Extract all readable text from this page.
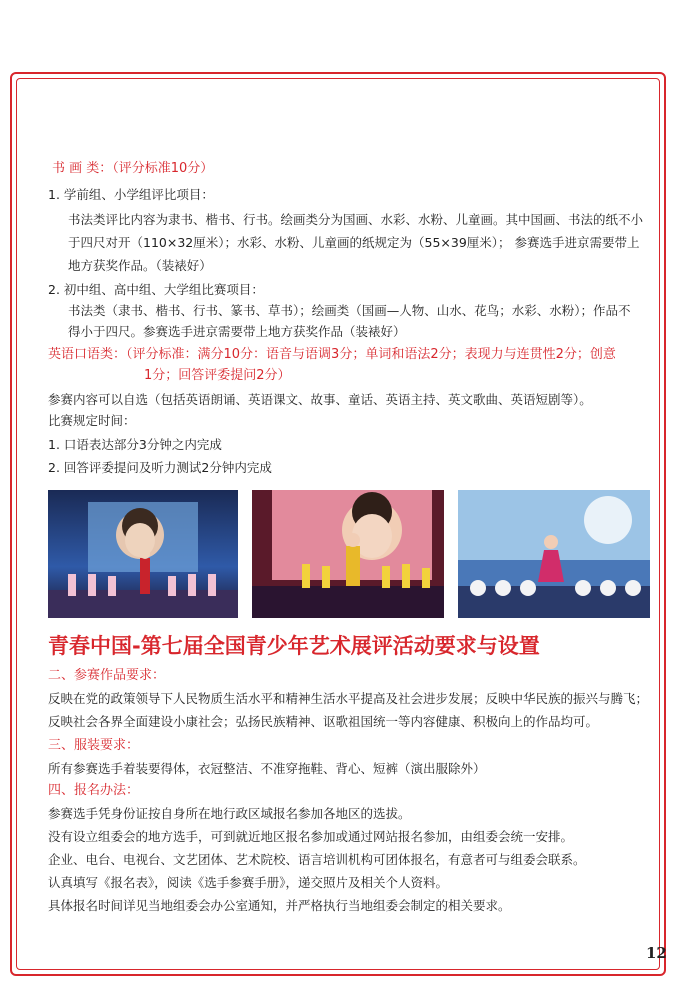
书 画 类：（评分标准10分）
1. 学前组、小学组评比项目：
书法类评比内容为隶书、楷书、行书。绘画类分为国画、水彩、水粉、儿童画。其中国画、书法的纸不小
于四尺对开（110×32厘米）；水彩、水粉、儿童画的纸规定为（55×39厘米）； 参赛选手进京需要带上
地方获奖作品。（装裱好）
2. 初中组、高中组、大学组比赛项目：
书法类（隶书、楷书、行书、篆书、草书）；绘画类（国画—人物、山水、花鸟；水彩、水粉）；作品不
得小于四尺。参赛选手进京需要带上地方获奖作品（装裱好）
英语口语类：（评分标准：满分10分：语音与语调3分；单词和语法2分；表现力与连贯性2分；创意
1分；回答评委提问2分）
参赛内容可以自选（包括英语朗诵、英语课文、故事、童话、英语主持、英文歌曲、英语短剧等）。
比赛规定时间：
1. 口语表达部分3分钟之内完成
2. 回答评委提问及听力测试2分钟内完成
青春中国-第七届全国青少年艺术展评活动要求与设置
二、参赛作品要求：
反映在党的政策领导下人民物质生活水平和精神生活水平提高及社会进步发展；反映中华民族的振兴与腾飞；
反映社会各界全面建设小康社会；弘扬民族精神、讴歌祖国统一等内容健康、积极向上的作品均可。
三、服装要求：
所有参赛选手着装要得体，衣冠整洁、不准穿拖鞋、背心、短裤（演出服除外）
四、报名办法：
参赛选手凭身份证按自身所在地行政区域报名参加各地区的选拔。
没有设立组委会的地方选手，可到就近地区报名参加或通过网站报名参加，由组委会统一安排。
企业、电台、电视台、文艺团体、艺术院校、语言培训机构可团体报名，有意者可与组委会联系。
认真填写《报名表》，阅读《选手参赛手册》，递交照片及相关个人资料。
具体报名时间详见当地组委会办公室通知，并严格执行当地组委会制定的相关要求。
12
